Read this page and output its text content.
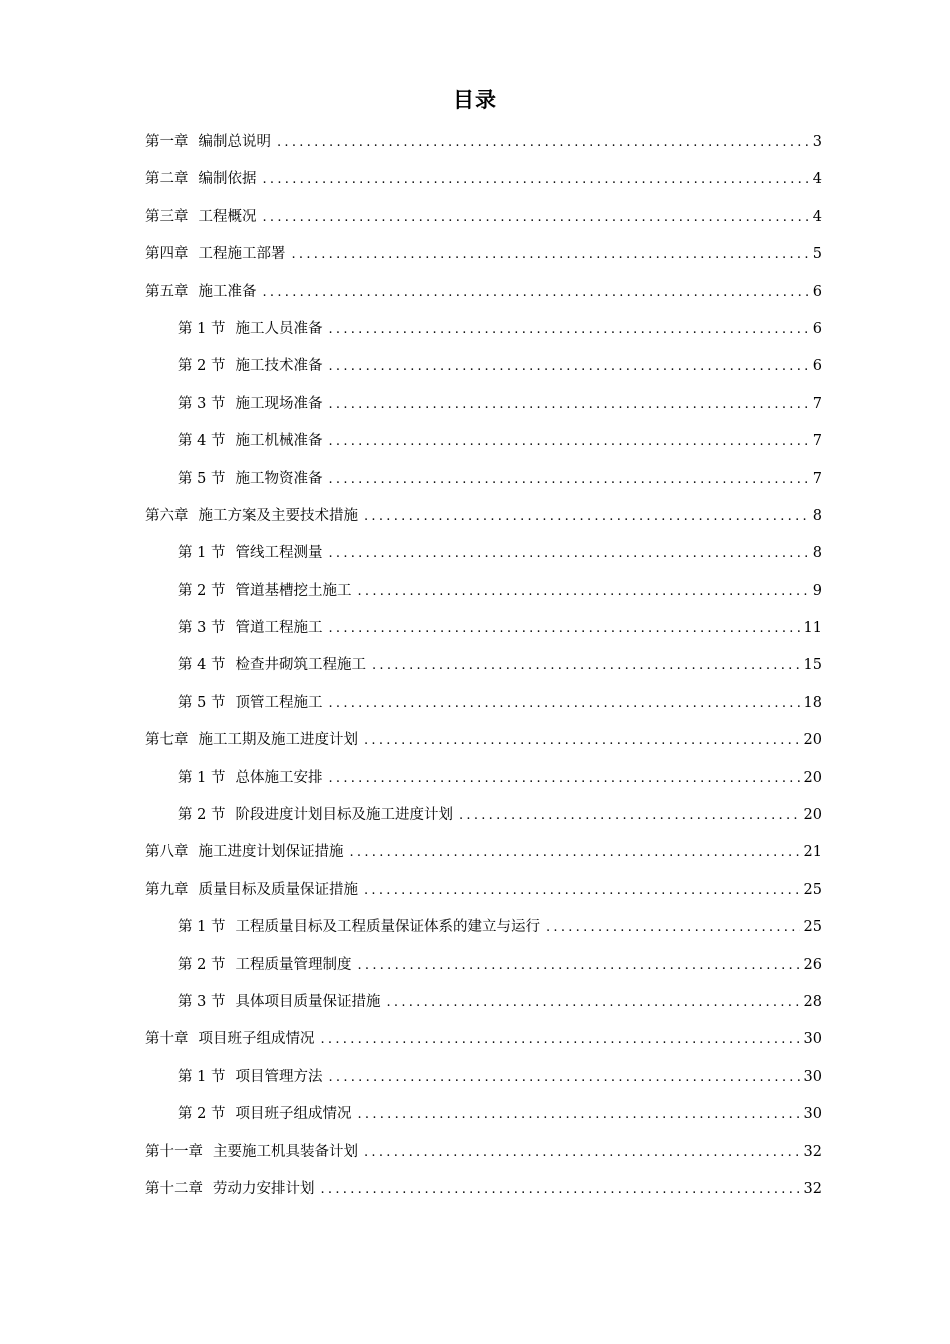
目录
第一章 编制总说明 .....	3
第二章 编制依据 .....	4
第三章 工程概况 .....	4
第四章 工程施工部署 .....	5
第五章 施工准备 .....	6
第 1 节 施工人员准备 .....	6
第 2 节 施工技术准备 .....	6
第 3 节 施工现场准备 .....	7
第 4 节 施工机械准备 .....	7
第 5 节 施工物资准备 .....	7
第六章 施工方案及主要技术措施 .....	8
第 1 节 管线工程测量 .....	8
第 2 节 管道基槽挖土施工 .....	9
第 3 节 管道工程施工 .....	11
第 4 节 检查井砌筑工程施工 .....	15
第 5 节 顶管工程施工 .....	18
第七章 施工工期及施工进度计划 .....	20
第 1 节 总体施工安排 .....	20
第 2 节 阶段进度计划目标及施工进度计划 .....	20
第八章 施工进度计划保证措施 .....	21
第九章 质量目标及质量保证措施 .....	25
第 1 节 工程质量目标及工程质量保证体系的建立与运行 .....	25
第 2 节 工程质量管理制度 .....	26
第 3 节 具体项目质量保证措施 .....	28
第十章 项目班子组成情况 .....	30
第 1 节 项目管理方法 .....	30
第 2 节 项目班子组成情况 .....	30
第十一章 主要施工机具装备计划 .....	32
第十二章 劳动力安排计划 .....	32
